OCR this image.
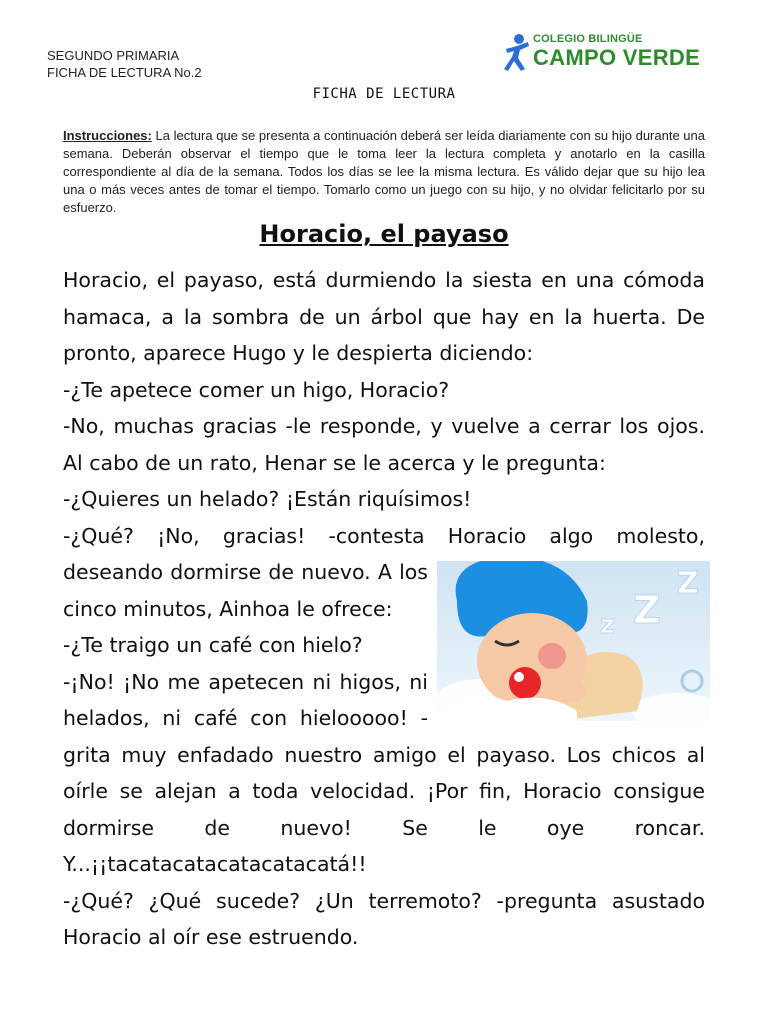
SEGUNDO PRIMARIA
FICHA DE LECTURA No.2
COLEGIO BILINGÜE
CAMPO VERDE
FICHA DE LECTURA
Instrucciones: La lectura que se presenta a continuación deberá ser leída diariamente con su hijo durante una semana. Deberán observar el tiempo que le toma leer la lectura completa y anotarlo en la casilla correspondiente al día de la semana. Todos los días se lee la misma lectura. Es válido dejar que su hijo lea una o más veces antes de tomar el tiempo. Tomarlo como un juego con su hijo, y no olvidar felicitarlo por su esfuerzo.
Horacio, el payaso
Horacio, el payaso, está durmiendo la siesta en una cómoda
hamaca, a la sombra de un árbol que hay en la huerta. De
pronto, aparece Hugo y le despierta diciendo:
-¿Te apetece comer un higo, Horacio?
-No, muchas gracias -le responde, y vuelve a cerrar los ojos.
Al cabo de un rato, Henar se le acerca y le pregunta:
-¿Quieres un helado? ¡Están riquísimos!
-¿Qué? ¡No, gracias! -contesta Horacio algo molesto,
deseando dormirse de nuevo. A los
cinco minutos, Ainhoa le ofrece:
-¿Te traigo un café con hielo?
-¡No! ¡No me apetecen ni higos, ni
helados, ni café con hielooooo! -
grita muy enfadado nuestro amigo el payaso. Los chicos al
oírle se alejan a toda velocidad. ¡Por fin, Horacio consigue
dormirse de nuevo! Se le oye roncar.
Y...¡¡tacatacatacatacatacatá!!
-¿Qué? ¿Qué sucede? ¿Un terremoto? -pregunta asustado
Horacio al oír ese estruendo.
z Z
Z
